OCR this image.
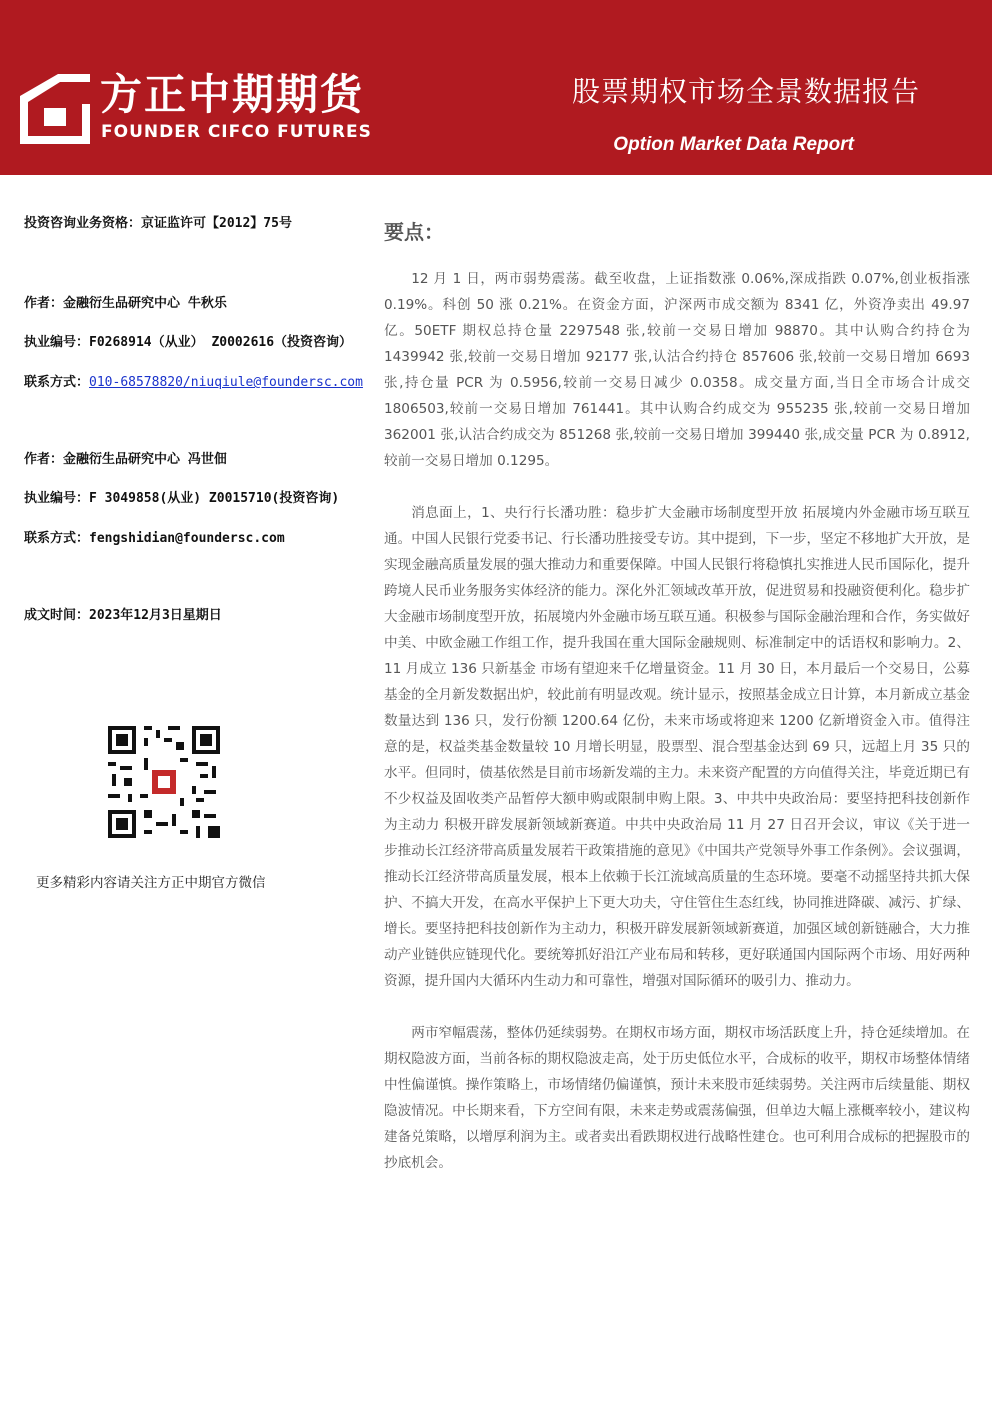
方正中期期货
FOUNDER CIFCO FUTURES
股票期权市场全景数据报告
Option Market Data Report
投资咨询业务资格：京证监许可【2012】75号
作者：金融衍生品研究中心 牛秋乐
执业编号：F0268914（从业） Z0002616（投资咨询）
联系方式：010-68578820/niuqiule@foundersc.com
作者：金融衍生品研究中心 冯世佃
执业编号：F 3049858(从业) Z0015710(投资咨询)
联系方式：fengshidian@foundersc.com
成文时间：2023年12月3日星期日
更多精彩内容请关注方正中期官方微信
要点：

12 月 1 日，两市弱势震荡。截至收盘，上证指数涨 0.06%,深成指跌 0.07%,创业板指涨 0.19%。科创 50 涨 0.21%。在资金方面，沪深两市成交额为 8341 亿，外资净卖出 49.97 亿。50ETF 期权总持仓量 2297548 张,较前一交易日增加 98870。其中认购合约持仓为 1439942 张,较前一交易日增加 92177 张,认沽合约持仓 857606 张,较前一交易日增加 6693 张,持仓量 PCR 为 0.5956,较前一交易日减少 0.0358。成交量方面,当日全市场合计成交 1806503,较前一交易日增加 761441。其中认购合约成交为 955235 张,较前一交易日增加 362001 张,认沽合约成交为 851268 张,较前一交易日增加 399440 张,成交量 PCR 为 0.8912,较前一交易日增加 0.1295。

消息面上，1、央行行长潘功胜：稳步扩大金融市场制度型开放 拓展境内外金融市场互联互通。中国人民银行党委书记、行长潘功胜接受专访。其中提到，下一步，坚定不移地扩大开放，是实现金融高质量发展的强大推动力和重要保障。中国人民银行将稳慎扎实推进人民币国际化，提升跨境人民币业务服务实体经济的能力。深化外汇领域改革开放，促进贸易和投融资便利化。稳步扩大金融市场制度型开放，拓展境内外金融市场互联互通。积极参与国际金融治理和合作，务实做好中美、中欧金融工作组工作，提升我国在重大国际金融规则、标准制定中的话语权和影响力。2、11 月成立 136 只新基金 市场有望迎来千亿增量资金。11 月 30 日，本月最后一个交易日，公募基金的全月新发数据出炉，较此前有明显改观。统计显示，按照基金成立日计算，本月新成立基金数量达到 136 只，发行份额 1200.64 亿份，未来市场或将迎来 1200 亿新增资金入市。值得注意的是，权益类基金数量较 10 月增长明显，股票型、混合型基金达到 69 只，远超上月 35 只的水平。但同时，债基依然是目前市场新发端的主力。未来资产配置的方向值得关注，毕竟近期已有不少权益及固收类产品暂停大额申购或限制申购上限。3、中共中央政治局：要坚持把科技创新作为主动力 积极开辟发展新领域新赛道。中共中央政治局 11 月 27 日召开会议，审议《关于进一步推动长江经济带高质量发展若干政策措施的意见》《中国共产党领导外事工作条例》。会议强调，推动长江经济带高质量发展，根本上依赖于长江流域高质量的生态环境。要毫不动摇坚持共抓大保护、不搞大开发，在高水平保护上下更大功夫，守住管住生态红线，协同推进降碳、减污、扩绿、增长。要坚持把科技创新作为主动力，积极开辟发展新领域新赛道，加强区域创新链融合，大力推动产业链供应链现代化。要统筹抓好沿江产业布局和转移，更好联通国内国际两个市场、用好两种资源，提升国内大循环内生动力和可靠性，增强对国际循环的吸引力、推动力。

两市窄幅震荡，整体仍延续弱势。在期权市场方面，期权市场活跃度上升，持仓延续增加。在期权隐波方面，当前各标的期权隐波走高，处于历史低位水平，合成标的收平，期权市场整体情绪中性偏谨慎。操作策略上，市场情绪仍偏谨慎，预计未来股市延续弱势。关注两市后续量能、期权隐波情况。中长期来看，下方空间有限，未来走势或震荡偏强，但单边大幅上涨概率较小，建议构建备兑策略，以增厚利润为主。或者卖出看跌期权进行战略性建仓。也可利用合成标的把握股市的抄底机会。
